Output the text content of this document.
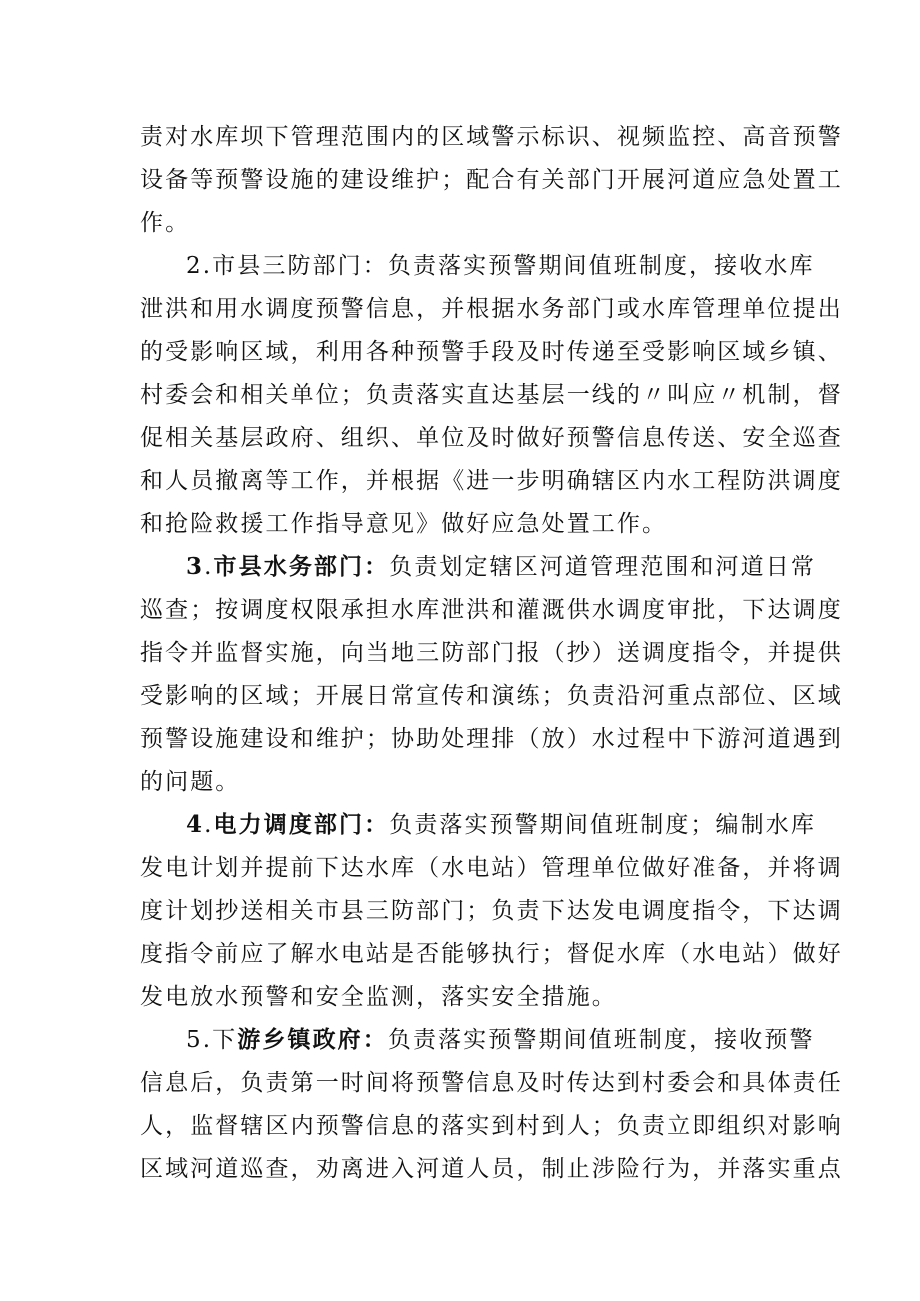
责对水库坝下管理范围内的区域警示标识、视频监控、高音预警
设备等预警设施的建设维护；配合有关部门开展河道应急处置工
作。
2.市县三防部门：负责落实预警期间值班制度，接收水库
泄洪和用水调度预警信息，并根据水务部门或水库管理单位提出
的受影响区域，利用各种预警手段及时传递至受影响区域乡镇、
村委会和相关单位；负责落实直达基层一线的〃叫应〃机制，督
促相关基层政府、组织、单位及时做好预警信息传送、安全巡查
和人员撤离等工作，并根据《进一步明确辖区内水工程防洪调度
和抢险救援工作指导意见》做好应急处置工作。
3.市县水务部门：负责划定辖区河道管理范围和河道日常
巡查；按调度权限承担水库泄洪和灌溉供水调度审批，下达调度
指令并监督实施，向当地三防部门报（抄）送调度指令，并提供
受影响的区域；开展日常宣传和演练；负责沿河重点部位、区域
预警设施建设和维护；协助处理排（放）水过程中下游河道遇到
的问题。
4.电力调度部门：负责落实预警期间值班制度；编制水库
发电计划并提前下达水库（水电站）管理单位做好准备，并将调
度计划抄送相关市县三防部门；负责下达发电调度指令，下达调
度指令前应了解水电站是否能够执行；督促水库（水电站）做好
发电放水预警和安全监测，落实安全措施。
5.下游乡镇政府：负责落实预警期间值班制度，接收预警
信息后，负责第一时间将预警信息及时传达到村委会和具体责任
人，监督辖区内预警信息的落实到村到人；负责立即组织对影响
区域河道巡查，劝离进入河道人员，制止涉险行为，并落实重点
